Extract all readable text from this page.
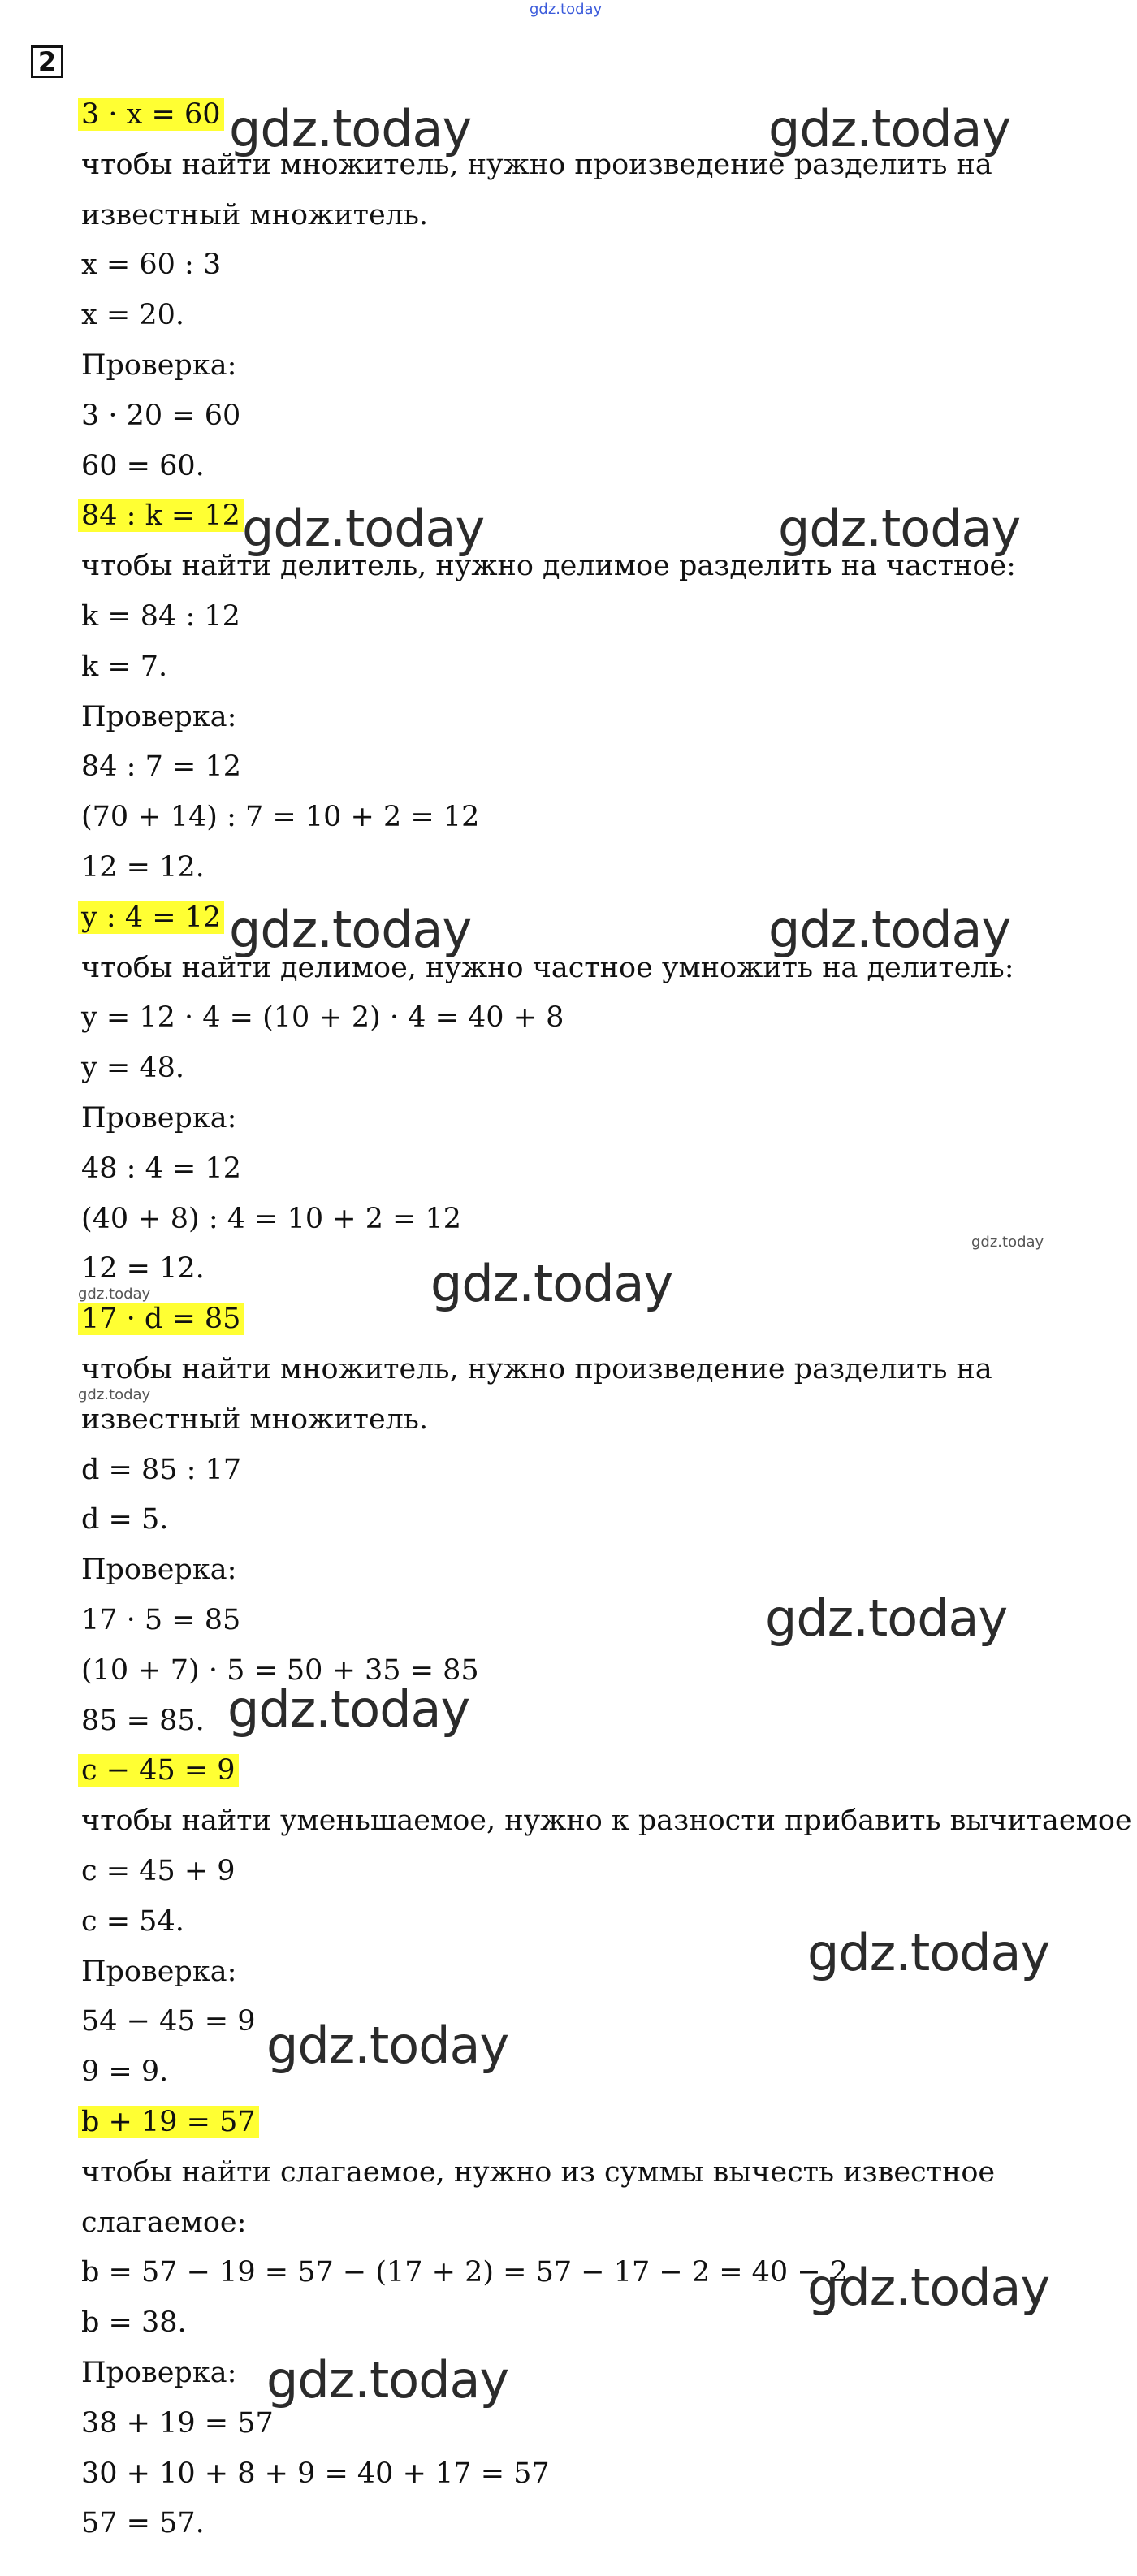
gdz.today
2
3 · x = 60
чтобы найти множитель, нужно произведение разделить на
известный множитель.
x = 60 : 3
x = 20.
Проверка:
3 · 20 = 60
60 = 60.
84 : k = 12
чтобы найти делитель, нужно делимое разделить на частное:
k = 84 : 12
k = 7.
Проверка:
84 : 7 = 12
(70 + 14) : 7 = 10 + 2 = 12
12 = 12.
y : 4 = 12
чтобы найти делимое, нужно частное умножить на делитель:
y = 12 · 4 = (10 + 2) · 4 = 40 + 8
y = 48.
Проверка:
48 : 4 = 12
(40 + 8) : 4 = 10 + 2 = 12
12 = 12.
17 · d = 85
чтобы найти множитель, нужно произведение разделить на
известный множитель.
d = 85 : 17
d = 5.
Проверка:
17 · 5 = 85
(10 + 7) · 5 = 50 + 35 = 85
85 = 85.
c − 45 = 9
чтобы найти уменьшаемое, нужно к разности прибавить вычитаемое
c = 45 + 9
c = 54.
Проверка:
54 − 45 = 9
9 = 9.
b + 19 = 57
чтобы найти слагаемое, нужно из суммы вычесть известное
слагаемое:
b = 57 − 19 = 57 − (17 + 2) = 57 − 17 − 2 = 40 − 2
b = 38.
Проверка:
38 + 19 = 57
30 + 10 + 8 + 9 = 40 + 17 = 57
57 = 57.
gdz.today	gdz.today
gdz.today	gdz.today
gdz.today	gdz.today
gdz.today
gdz.today
gdz.today
gdz.today
gdz.today
gdz.today
gdz.today
gdz.today
gdz.today
gdz.today
